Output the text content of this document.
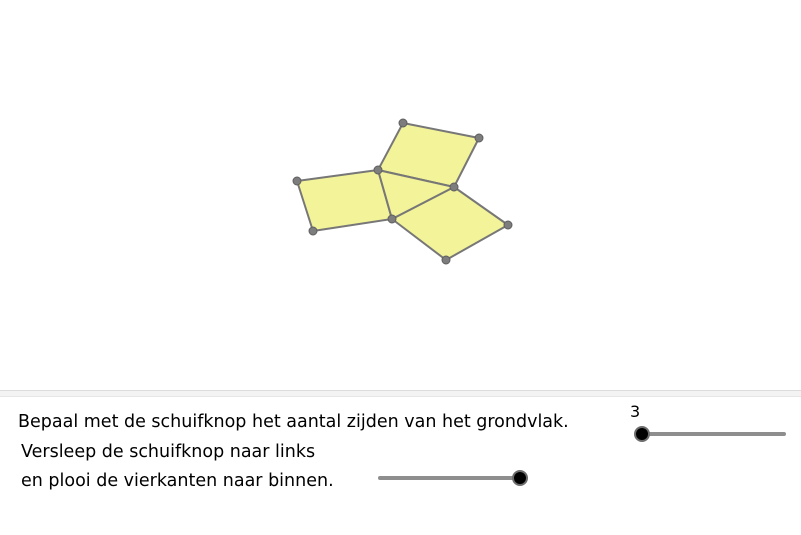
Bepaal met de schuifknop het aantal zijden van het grondvlak.
Versleep de schuifknop naar links
en plooi de vierkanten naar binnen.
3
